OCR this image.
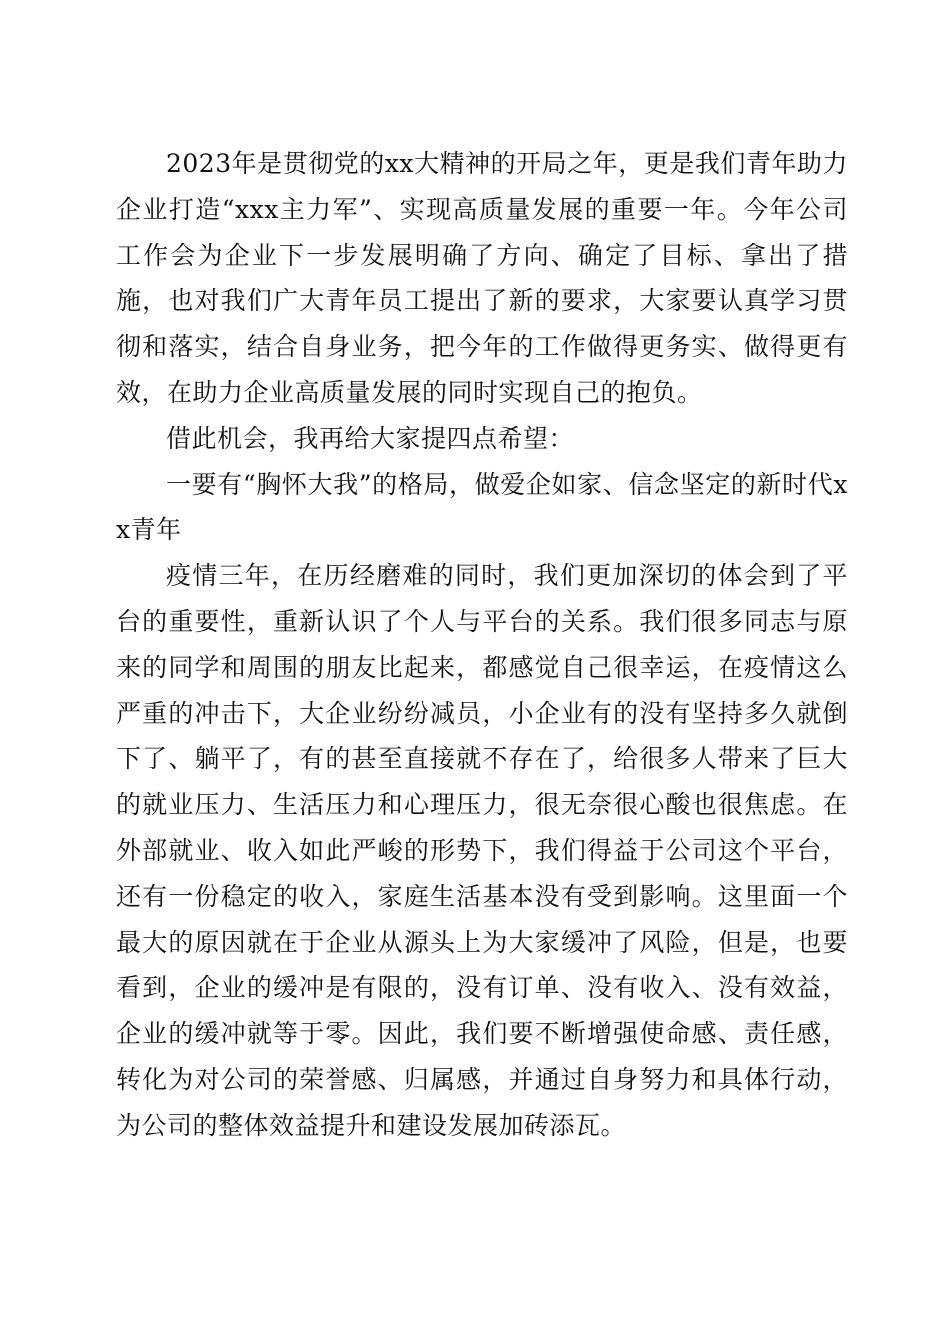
2023年是贯彻党的xx大精神的开局之年，更是我们青年助力企业打造“xxx主力军”、实现高质量发展的重要一年。今年公司工作会为企业下一步发展明确了方向、确定了目标、拿出了措施，也对我们广大青年员工提出了新的要求，大家要认真学习贯彻和落实，结合自身业务，把今年的工作做得更务实、做得更有效，在助力企业高质量发展的同时实现自己的抱负。

借此机会，我再给大家提四点希望：

一要有“胸怀大我”的格局，做爱企如家、信念坚定的新时代xx青年

疫情三年，在历经磨难的同时，我们更加深切的体会到了平台的重要性，重新认识了个人与平台的关系。我们很多同志与原来的同学和周围的朋友比起来，都感觉自己很幸运，在疫情这么严重的冲击下，大企业纷纷减员，小企业有的没有坚持多久就倒下了、躺平了，有的甚至直接就不存在了，给很多人带来了巨大的就业压力、生活压力和心理压力，很无奈很心酸也很焦虑。在外部就业、收入如此严峻的形势下，我们得益于公司这个平台，还有一份稳定的收入，家庭生活基本没有受到影响。这里面一个最大的原因就在于企业从源头上为大家缓冲了风险，但是，也要看到，企业的缓冲是有限的，没有订单、没有收入、没有效益，企业的缓冲就等于零。因此，我们要不断增强使命感、责任感，转化为对公司的荣誉感、归属感，并通过自身努力和具体行动，为公司的整体效益提升和建设发展加砖添瓦。
